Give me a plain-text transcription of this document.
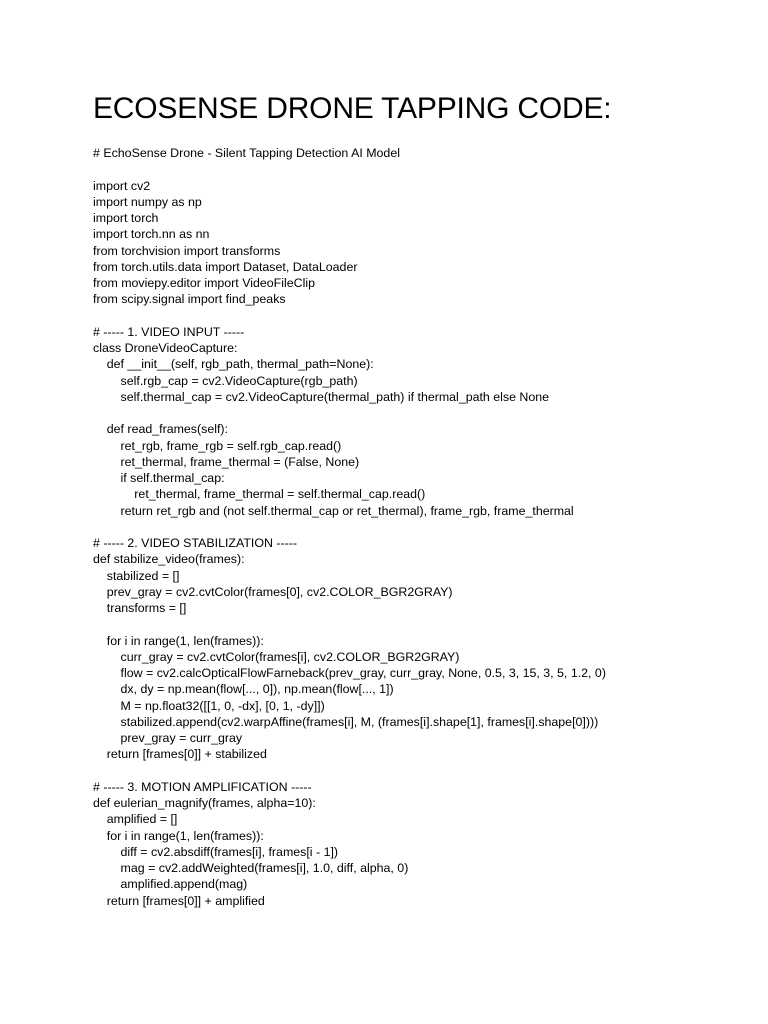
ECOSENSE DRONE TAPPING CODE:
# EchoSense Drone - Silent Tapping Detection AI Model
import cv2
import numpy as np
import torch
import torch.nn as nn
from torchvision import transforms
from torch.utils.data import Dataset, DataLoader
from moviepy.editor import VideoFileClip
from scipy.signal import find_peaks
# ----- 1. VIDEO INPUT -----
class DroneVideoCapture:
def __init__(self, rgb_path, thermal_path=None):
self.rgb_cap = cv2.VideoCapture(rgb_path)
self.thermal_cap = cv2.VideoCapture(thermal_path) if thermal_path else None
def read_frames(self):
ret_rgb, frame_rgb = self.rgb_cap.read()
ret_thermal, frame_thermal = (False, None)
if self.thermal_cap:
ret_thermal, frame_thermal = self.thermal_cap.read()
return ret_rgb and (not self.thermal_cap or ret_thermal), frame_rgb, frame_thermal
# ----- 2. VIDEO STABILIZATION -----
def stabilize_video(frames):
stabilized = []
prev_gray = cv2.cvtColor(frames[0], cv2.COLOR_BGR2GRAY)
transforms = []
for i in range(1, len(frames)):
curr_gray = cv2.cvtColor(frames[i], cv2.COLOR_BGR2GRAY)
flow = cv2.calcOpticalFlowFarneback(prev_gray, curr_gray, None, 0.5, 3, 15, 3, 5, 1.2, 0)
dx, dy = np.mean(flow[..., 0]), np.mean(flow[..., 1])
M = np.float32([[1, 0, -dx], [0, 1, -dy]])
stabilized.append(cv2.warpAffine(frames[i], M, (frames[i].shape[1], frames[i].shape[0])))
prev_gray = curr_gray
return [frames[0]] + stabilized
# ----- 3. MOTION AMPLIFICATION -----
def eulerian_magnify(frames, alpha=10):
amplified = []
for i in range(1, len(frames)):
diff = cv2.absdiff(frames[i], frames[i - 1])
mag = cv2.addWeighted(frames[i], 1.0, diff, alpha, 0)
amplified.append(mag)
return [frames[0]] + amplified
